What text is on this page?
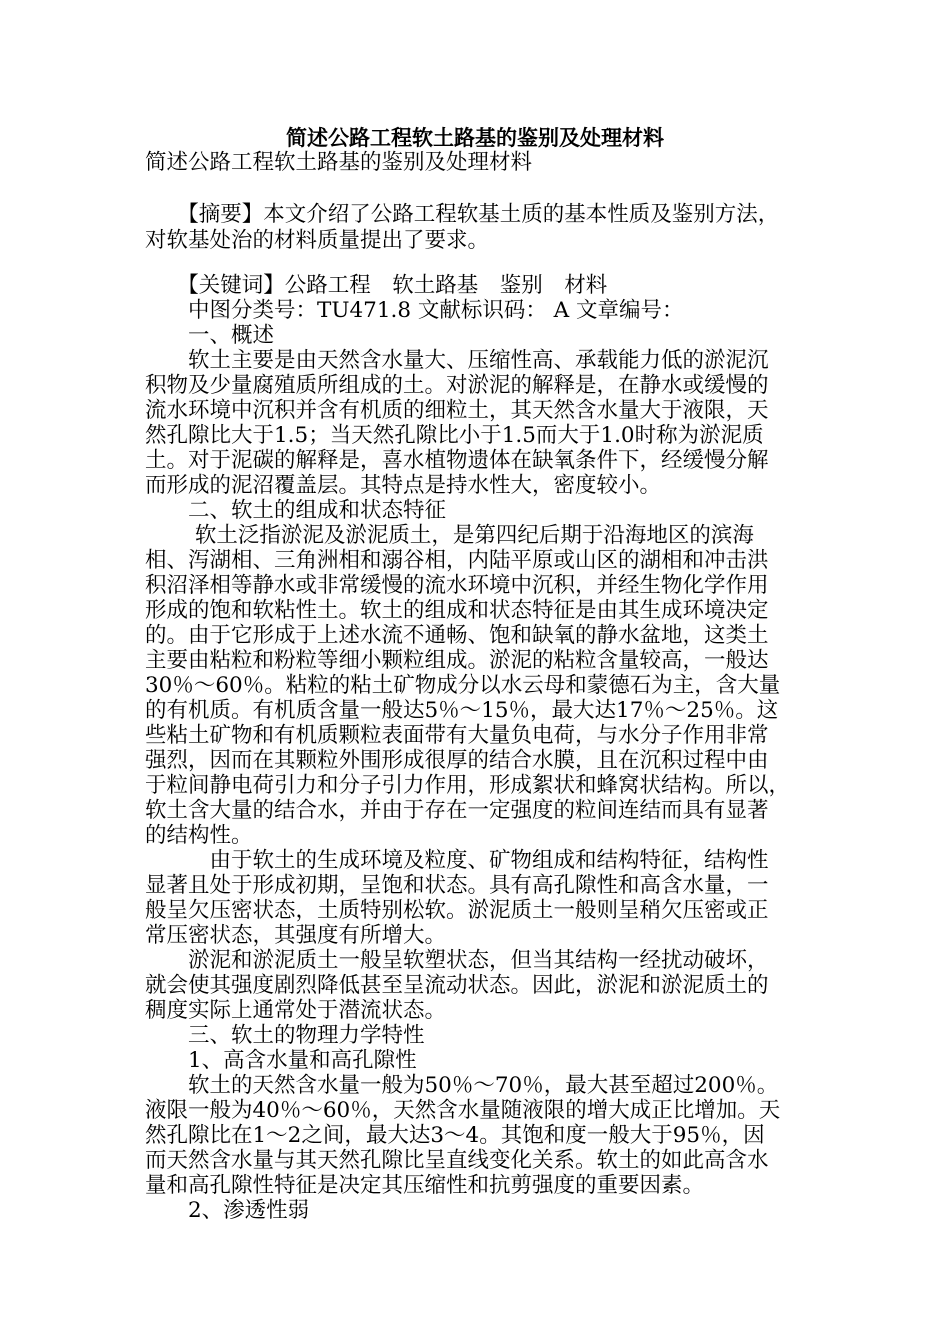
简述公路工程软土路基的鉴别及处理材料
简述公路工程软土路基的鉴别及处理材料
　　【摘要】本文介绍了公路工程软基土质的基本性质及鉴别方法，
对软基处治的材料质量提出了要求。
　　【关键词】公路工程　软土路基　鉴别　材料
　　中图分类号：TU471.8 文献标识码： A 文章编号：
　　一、概述
　　软土主要是由天然含水量大、压缩性高、承载能力低的淤泥沉
积物及少量腐殖质所组成的土。对淤泥的解释是，在静水或缓慢的
流水环境中沉积并含有机质的细粒土，其天然含水量大于液限，天
然孔隙比大于1.5；当天然孔隙比小于1.5而大于1.0时称为淤泥质
土。对于泥碳的解释是，喜水植物遗体在缺氧条件下，经缓慢分解
而形成的泥沼覆盖层。其特点是持水性大，密度较小。
　　二、软土的组成和状态特征
　　 软土泛指淤泥及淤泥质土，是第四纪后期于沿海地区的滨海
相、泻湖相、三角洲相和溺谷相，内陆平原或山区的湖相和冲击洪
积沼泽相等静水或非常缓慢的流水环境中沉积，并经生物化学作用
形成的饱和软粘性土。软土的组成和状态特征是由其生成环境决定
的。由于它形成于上述水流不通畅、饱和缺氧的静水盆地，这类土
主要由粘粒和粉粒等细小颗粒组成。淤泥的粘粒含量较高，一般达
30％～60％。粘粒的粘土矿物成分以水云母和蒙德石为主，含大量
的有机质。有机质含量一般达5％～15％，最大达17％～25％。这
些粘土矿物和有机质颗粒表面带有大量负电荷，与水分子作用非常
强烈，因而在其颗粒外围形成很厚的结合水膜，且在沉积过程中由
于粒间静电荷引力和分子引力作用，形成絮状和蜂窝状结构。所以，
软土含大量的结合水，并由于存在一定强度的粒间连结而具有显著
的结构性。
　　　由于软土的生成环境及粒度、矿物组成和结构特征，结构性
显著且处于形成初期，呈饱和状态。具有高孔隙性和高含水量，一
般呈欠压密状态，土质特别松软。淤泥质土一般则呈稍欠压密或正
常压密状态，其强度有所增大。
　　淤泥和淤泥质土一般呈软塑状态，但当其结构一经扰动破坏，
就会使其强度剧烈降低甚至呈流动状态。因此，淤泥和淤泥质土的
稠度实际上通常处于潜流状态。
　　三、软土的物理力学特性
　　1、高含水量和高孔隙性
　　软土的天然含水量一般为50％～70％，最大甚至超过200％。
液限一般为40％～60％，天然含水量随液限的增大成正比增加。天
然孔隙比在1～2之间，最大达3～4。其饱和度一般大于95％，因
而天然含水量与其天然孔隙比呈直线变化关系。软土的如此高含水
量和高孔隙性特征是决定其压缩性和抗剪强度的重要因素。
　　2、渗透性弱
